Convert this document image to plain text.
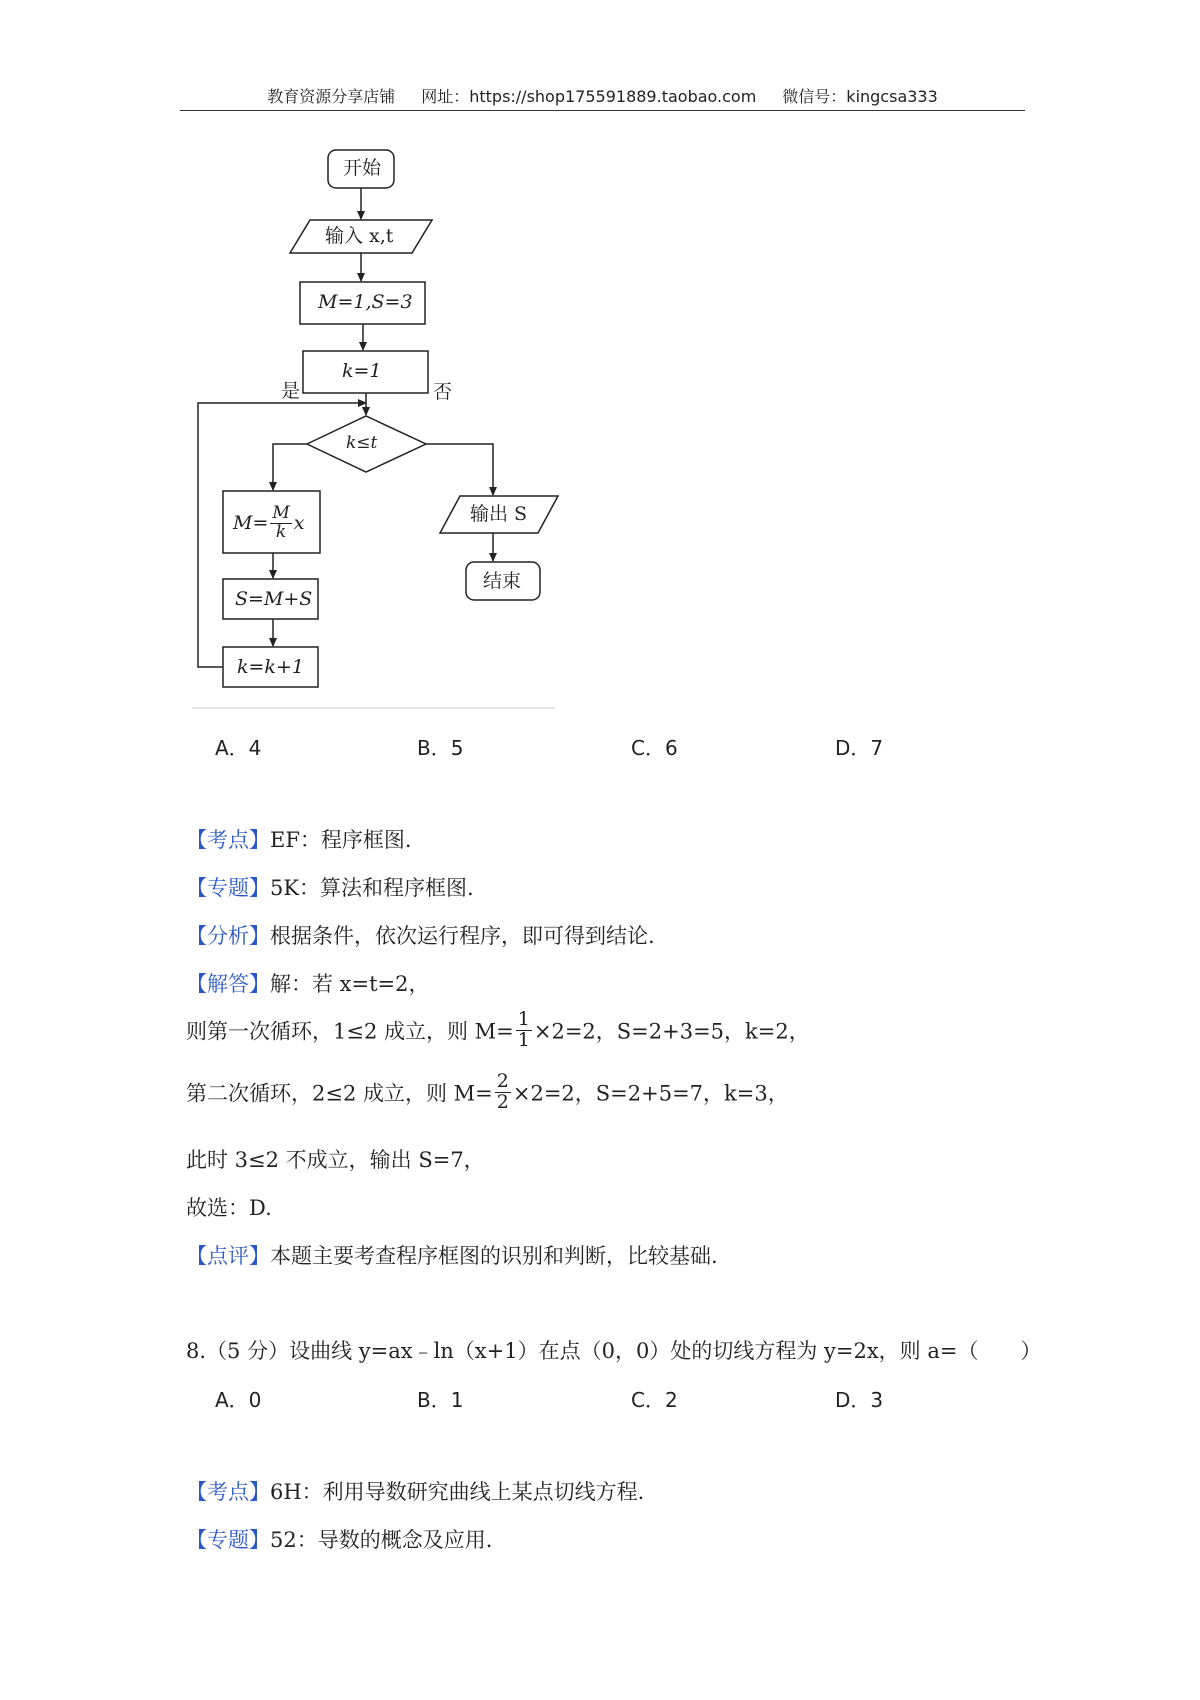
教育资源分享店铺 网址：https://shop175591889.taobao.com 微信号：kingcsa333
开始
输入 x,t
M=1,S=3
k=1
是	否
k≤t
$M= \frac{M}{k}$ x
S=M+S
k=k+1
输出 S
结束
A．4	B．5	C．6	D．7
【考点】EF：程序框图.
【专题】5K：算法和程序框图.
【分析】根据条件，依次运行程序，即可得到结论.
【解答】解：若 x=t=2，
则第一次循环，1≤2 成立，则 $M= \frac{1}{1} \times 2=2$，S=2+3=5，k=2，
第二次循环，2≤2 成立，则 $M= \frac{2}{2} \times 2=2$，S=2+5=7，k=3，
此时 3≤2 不成立，输出 S=7，
故选：D.
【点评】本题主要考查程序框图的识别和判断，比较基础.
8.（5 分）设曲线 y=ax﹣ln（x+1）在点（0，0）处的切线方程为 y=2x，则 a=（　　）
A．0	B．1	C．2	D．3
【考点】6H：利用导数研究曲线上某点切线方程.
【专题】52：导数的概念及应用.
